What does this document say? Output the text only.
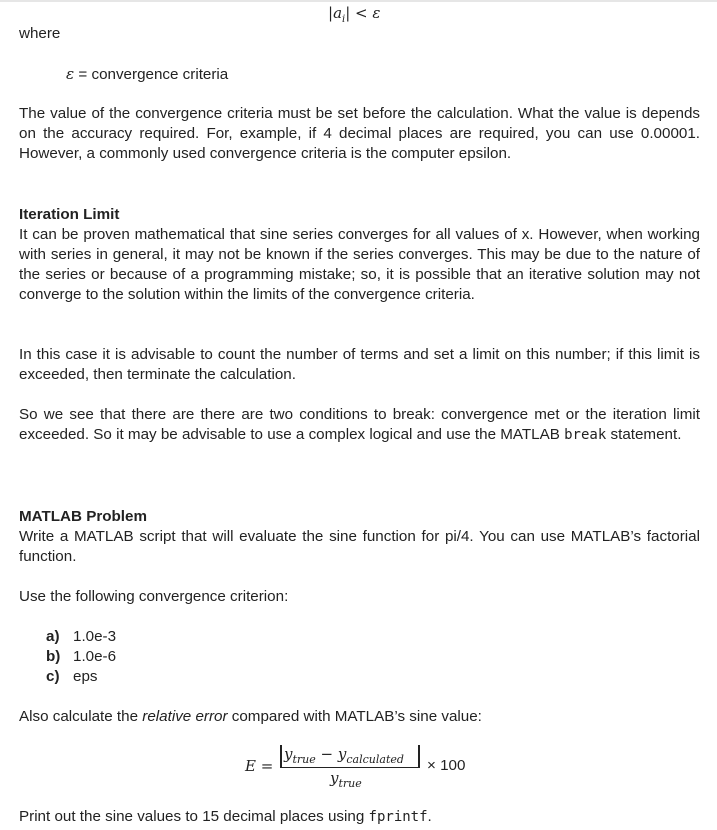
$|a_i| < \varepsilon$
where
ε = convergence criteria

The value of the convergence criteria must be set before the calculation. What the value is depends on the accuracy required. For, example, if 4 decimal places are required, you can use 0.00001. However, a commonly used convergence criteria is the computer epsilon.

Iteration Limit

It can be proven mathematical that sine series converges for all values of x. However, when working with series in general, it may not be known if the series converges. This may be due to the nature of the series or because of a programming mistake; so, it is possible that an iterative solution may not converge to the solution within the limits of the convergence criteria.

In this case it is advisable to count the number of terms and set a limit on this number; if this limit is exceeded, then terminate the calculation.

So we see that there are there are two conditions to break: convergence met or the iteration limit exceeded. So it may be advisable to use a complex logical and use the MATLAB break statement.

MATLAB Problem

Write a MATLAB script that will evaluate the sine function for pi/4. You can use MATLAB’s factorial function.

Use the following convergence criterion:
a) 1.0e-3
b) 1.0e-6
c) eps
Also calculate the relative error compared with MATLAB’s sine value:
E =
$y_{true} - y_{calculated}$
$y_{true}$
× 100
Print out the sine values to 15 decimal places using fprintf.
